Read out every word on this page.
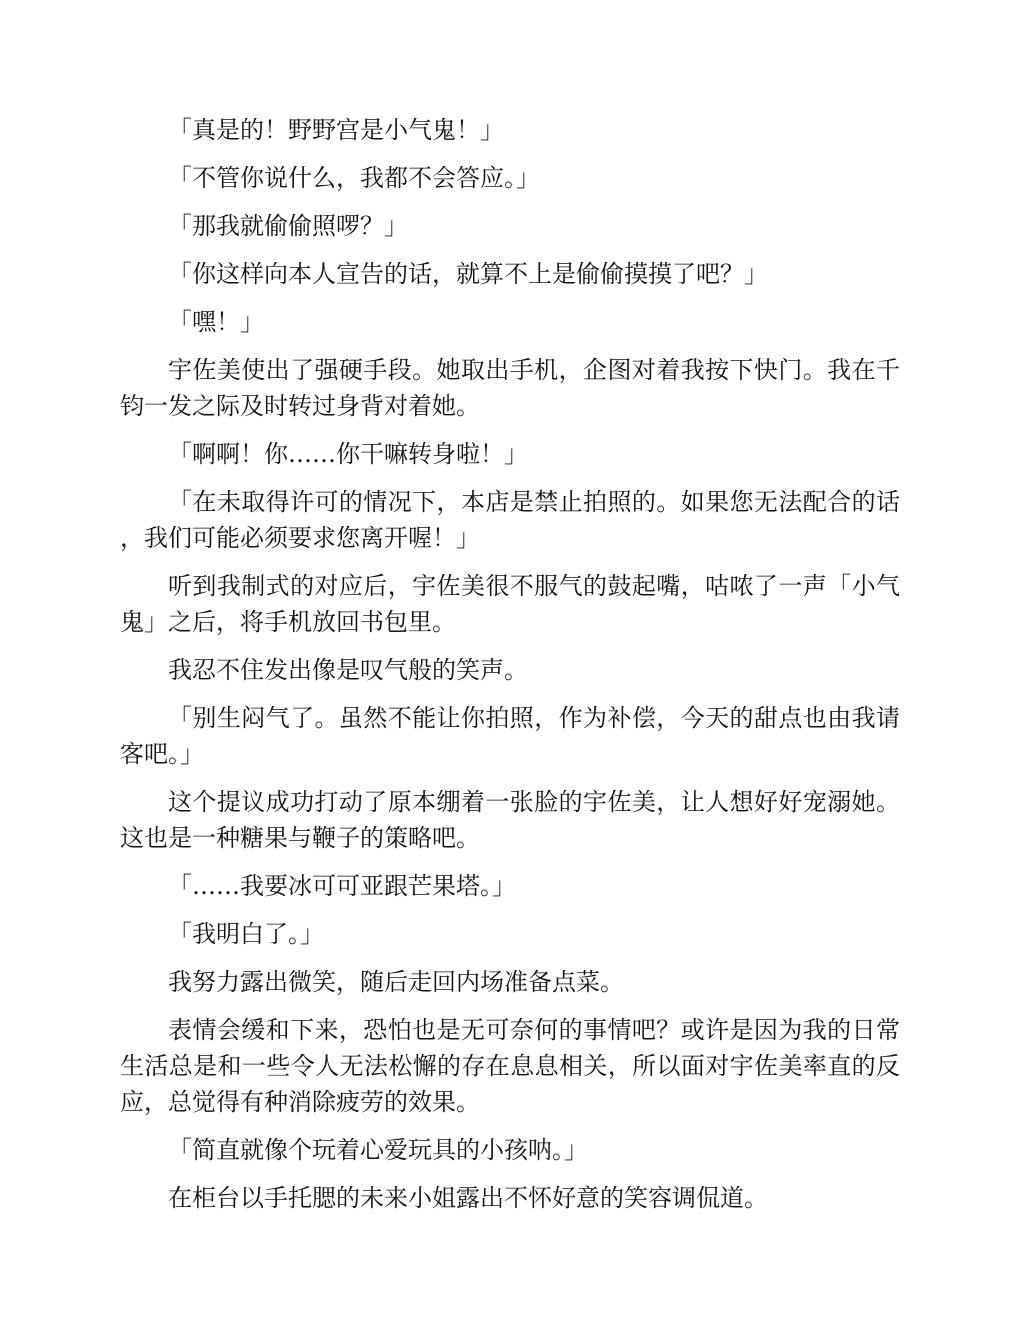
「真是的！野野宫是小气鬼！」

「不管你说什么，我都不会答应。」

「那我就偷偷照啰？」

「你这样向本人宣告的话，就算不上是偷偷摸摸了吧？」

「嘿！」

宇佐美使出了强硬手段。她取出手机，企图对着我按下快门。我在千钧一发之际及时转过身背对着她。

「啊啊！你……你干嘛转身啦！」

「在未取得许可的情况下，本店是禁止拍照的。如果您无法配合的话，我们可能必须要求您离开喔！」

听到我制式的对应后，宇佐美很不服气的鼓起嘴，咕哝了一声「小气鬼」之后，将手机放回书包里。

我忍不住发出像是叹气般的笑声。

「别生闷气了。虽然不能让你拍照，作为补偿，今天的甜点也由我请客吧。」

这个提议成功打动了原本绷着一张脸的宇佐美，让人想好好宠溺她。这也是一种糖果与鞭子的策略吧。

「……我要冰可可亚跟芒果塔。」

「我明白了。」

我努力露出微笑，随后走回内场准备点菜。

表情会缓和下来，恐怕也是无可奈何的事情吧？或许是因为我的日常生活总是和一些令人无法松懈的存在息息相关，所以面对宇佐美率直的反应，总觉得有种消除疲劳的效果。

「简直就像个玩着心爱玩具的小孩呐。」

在柜台以手托腮的未来小姐露出不怀好意的笑容调侃道。
